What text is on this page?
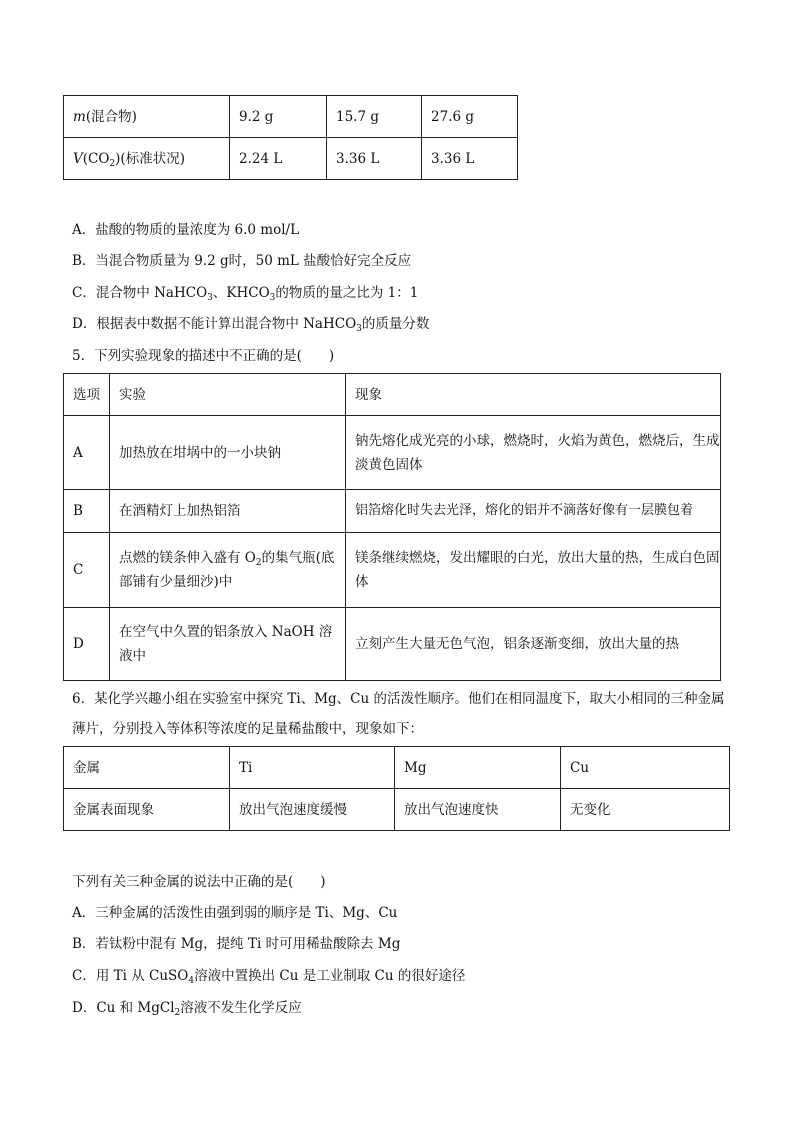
m(混合物)	9.2 g	15.7 g	27.6 g
$V(CO_2)$(标准状况)	2.24 L	3.36 L	3.36 L
A．盐酸的物质的量浓度为 6.0 mol/L
B．当混合物质量为 9.2 g时，50 mL 盐酸恰好完全反应
C．混合物中 NaHCO$_3$、$KHCO_3$的物质的量之比为 1：1
D．根据表中数据不能计算出混合物中 NaHCO$_3$的质量分数
5．下列实验现象的描述中不正确的是(　　)
选项	实验	现象
A	加热放在坩埚中的一小块钠	钠先熔化成光亮的小球，燃烧时，火焰为黄色，燃烧后，生成淡黄色固体
B	在酒精灯上加热铝箔	铝箔熔化时失去光泽，熔化的铝并不滴落好像有一层膜包着
C	点燃的镁条伸入盛有 $O_2$的集气瓶(底部铺有少量细沙)中	镁条继续燃烧，发出耀眼的白光，放出大量的热，生成白色固体
D	在空气中久置的铝条放入 NaOH 溶液中	立刻产生大量无色气泡，铝条逐渐变细，放出大量的热
6．某化学兴趣小组在实验室中探究 Ti、Mg、Cu 的活泼性顺序。他们在相同温度下，取大小相同的三种金属薄片，分别投入等体积等浓度的足量稀盐酸中，现象如下：
金属	Ti	Mg	Cu
金属表面现象	放出气泡速度缓慢	放出气泡速度快	无变化
下列有关三种金属的说法中正确的是(　　)
A．三种金属的活泼性由强到弱的顺序是 Ti、Mg、Cu
B．若钛粉中混有 Mg，提纯 Ti 时可用稀盐酸除去 Mg
C．用 Ti 从 CuSO$_4$溶液中置换出 Cu 是工业制取 Cu 的很好途径
D．Cu 和 MgCl$_2$溶液不发生化学反应
